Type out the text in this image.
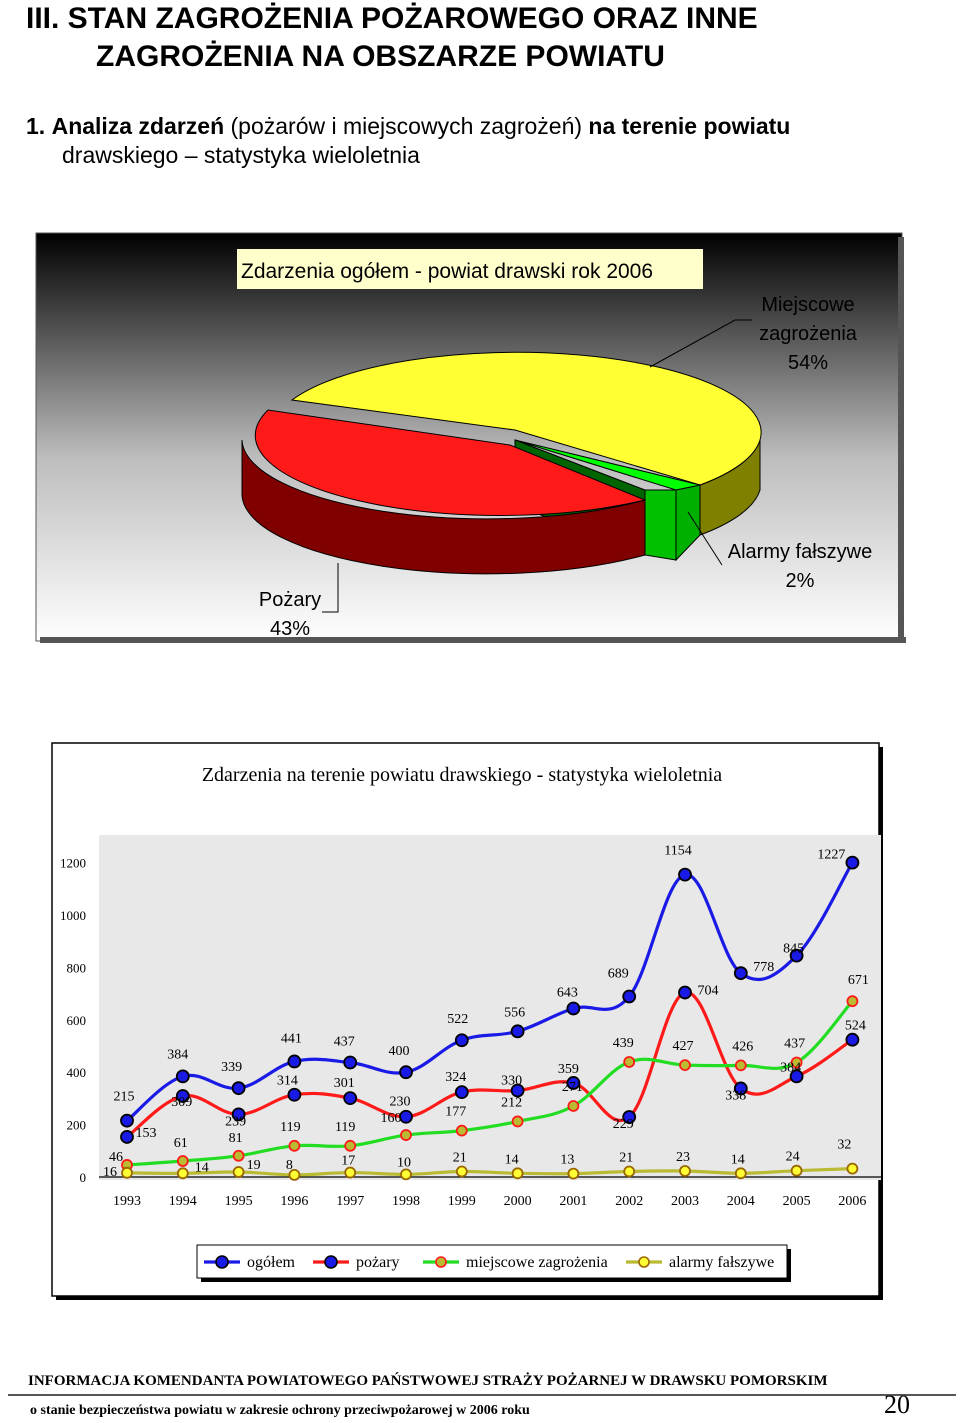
III. STAN ZAGROŻENIA POŻAROWEGO ORAZ INNE
ZAGROŻENIA NA OBSZARZE POWIATU
1. Analiza zdarzeń (pożarów i miejscowych zagrożeń) na terenie powiatu
drawskiego – statystyka wieloletnia
Zdarzenia ogółem - powiat drawski rok 2006
Miejscowe
zagrożenia
54%
Alarmy fałszywe
2%
Pożary
43%
Zdarzenia na terenie powiatu drawskiego - statystyka wieloletnia
0
200
400
600
800
1000
1200
1993 1994 1995 1996 1997 1998 1999 2000 2001 2002 2003 2004 2005 2006
215
384
339
441 437
400
522	556
643
689
1154
778
845
1227
153
309
239
314	301
230
324 330
359
229
704
338
384
524
46
61	81
119 119
160	177
212
271
439	427	426 437
671
16	14	19 8	17	10	21	14	13	21	23	14	24
32
ogółem	pożary	miejscowe zagrożenia	alarmy fałszywe
INFORMACJA KOMENDANTA POWIATOWEGO PAŃSTWOWEJ STRAŻY POŻARNEJ W DRAWSKU POMORSKIM
o stanie bezpieczeństwa powiatu w zakresie ochrony przeciwpożarowej w 2006 roku	20
